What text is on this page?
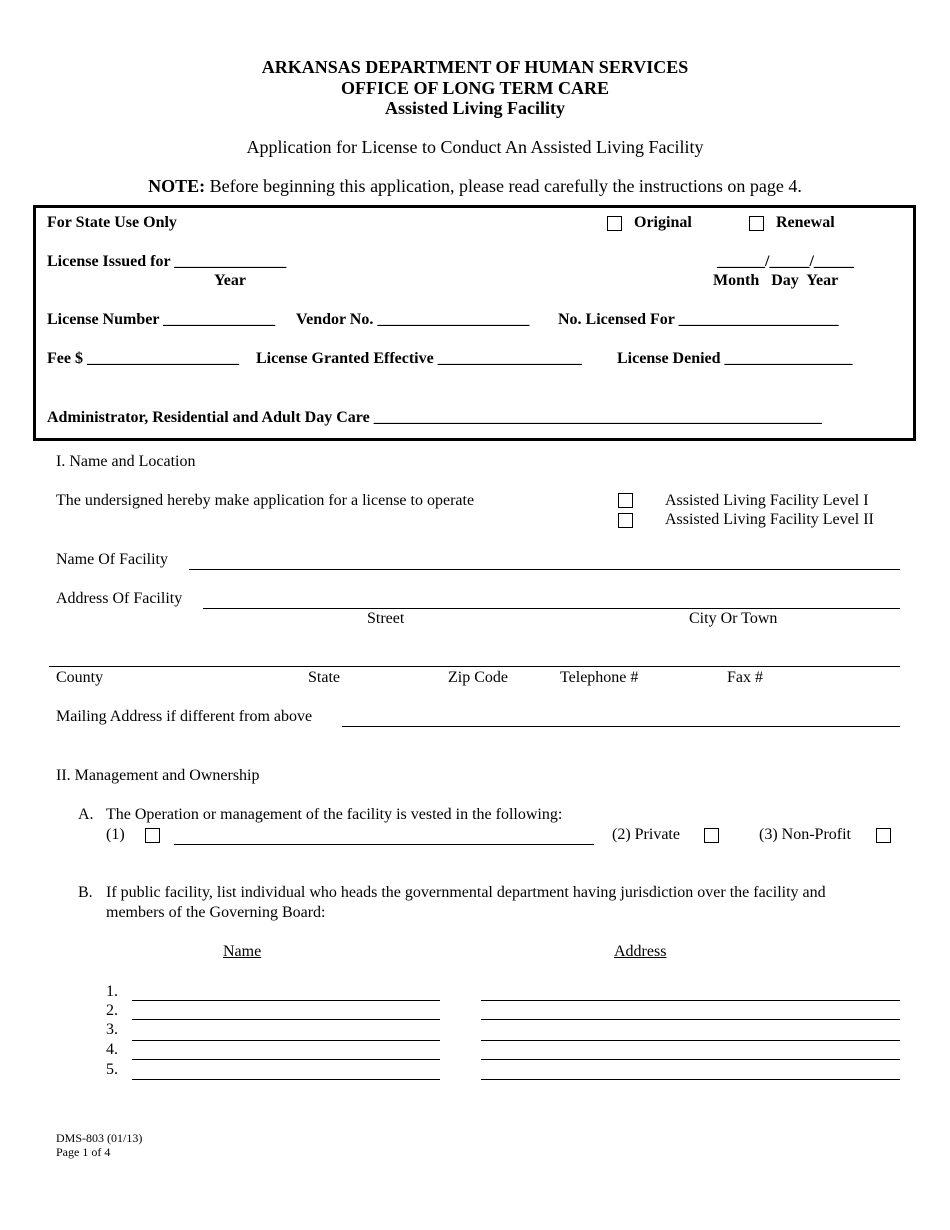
ARKANSAS DEPARTMENT OF HUMAN SERVICES
OFFICE OF LONG TERM CARE
Assisted Living Facility
Application for License to Conduct An Assisted Living Facility
NOTE: Before beginning this application, please read carefully the instructions on page 4.
For State Use Only	Original	Renewal
License Issued for ______________
Year
______/_____/_____
Month   Day  Year
License Number ______________ Vendor No. ___________________ No. Licensed For ____________________
Fee $ ___________________ License Granted Effective __________________ License Denied ________________
Administrator, Residential and Adult Day Care ________________________________________________________
I. Name and Location
The undersigned hereby make application for a license to operate	Assisted Living Facility Level I
Assisted Living Facility Level II
Name Of Facility
Address Of Facility
Street	City Or Town
County	State	Zip Code	Telephone #	Fax #
Mailing Address if different from above
II. Management and Ownership
A. The Operation or management of the facility is vested in the following:
(1)	(2) Private	(3) Non-Profit
B. If public facility, list individual who heads the governmental department having jurisdiction over the facility and
members of the Governing Board:
Name	Address
1.
2.
3.
4.
5.
DMS-803 (01/13)
Page 1 of 4
